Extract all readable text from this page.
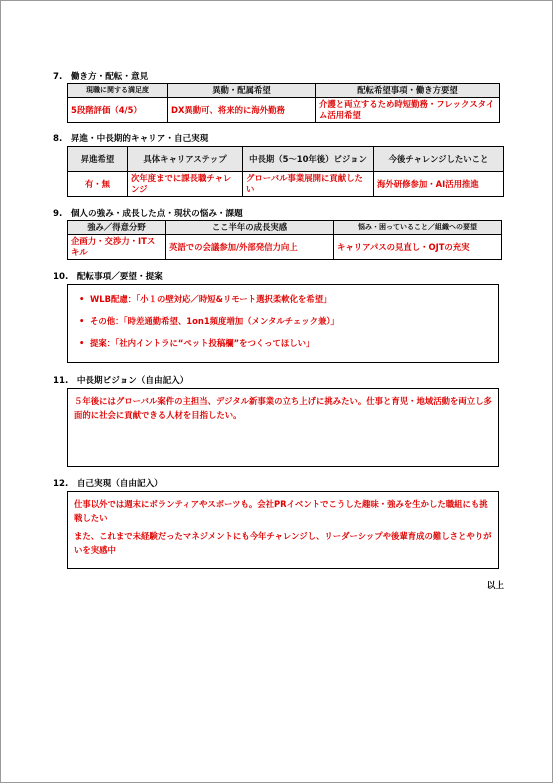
7.　働き方・配転・意見
現職に関する満足度	異動・配属希望	配転希望事項・働き方要望
5段階評価（4/5）	DX異動可、将来的に海外勤務	介護と両立するため時短勤務・フレックスタイム活用希望
8.　昇進・中長期的キャリア・自己実現
昇進希望	具体キャリアステップ	中長期（5〜10年後）ビジョン	今後チャレンジしたいこと
有・無	次年度までに課長職チャレンジ	グローバル事業展開に貢献したい	海外研修参加・AI活用推進
9.　個人の強み・成長した点・現状の悩み・課題
強み／得意分野	ここ半年の成長実感	悩み・困っていること／組織への要望
企画力・交渉力・ITスキル	英語での会議参加/外部発信力向上	キャリアパスの見直し・OJTの充実
10.　配転事項／要望・提案
• WLB配慮：「小１の壁対応／時短&リモート選択柔軟化を希望」
• その他：「時差通勤希望、1on1頻度増加（メンタルチェック兼）」
• 提案：「社内イントラに“ペット投稿欄”をつくってほしい」
11.　中長期ビジョン（自由記入）

５年後にはグローバル案件の主担当、デジタル新事業の立ち上げに挑みたい。仕事と育児・地域活動を両立し多面的に社会に貢献できる人材を目指したい。

12.　自己実現（自由記入）

仕事以外では週末にボランティアやスポーツも。会社PRイベントでこうした趣味・強みを生かした職組にも挑戦したい

また、これまで未経験だったマネジメントにも今年チャレンジし、リーダーシップや後輩育成の難しさとやりがいを実感中

以上
